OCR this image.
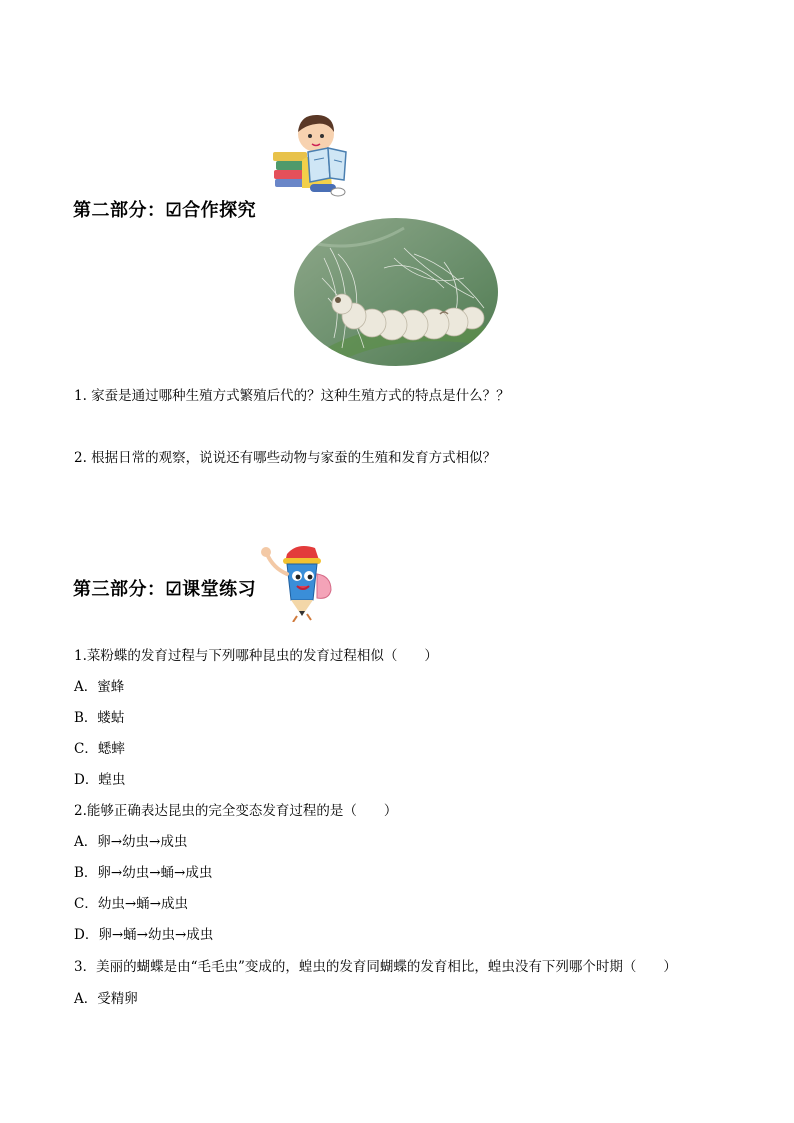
第二部分：☑合作探究
1. 家蚕是通过哪种生殖方式繁殖后代的？这种生殖方式的特点是什么？？
2. 根据日常的观察，说说还有哪些动物与家蚕的生殖和发育方式相似？
第三部分：☑课堂练习
1.菜粉蝶的发育过程与下列哪种昆虫的发育过程相似（　　）
A．蜜蜂
B．蝼蛄
C．蟋蟀
D．蝗虫
2.能够正确表达昆虫的完全变态发育过程的是（　　）
A．卵→幼虫→成虫
B．卵→幼虫→蛹→成虫
C．幼虫→蛹→成虫
D．卵→蛹→幼虫→成虫
3．美丽的蝴蝶是由“毛毛虫”变成的，蝗虫的发育同蝴蝶的发育相比，蝗虫没有下列哪个时期（　　）
A．受精卵
